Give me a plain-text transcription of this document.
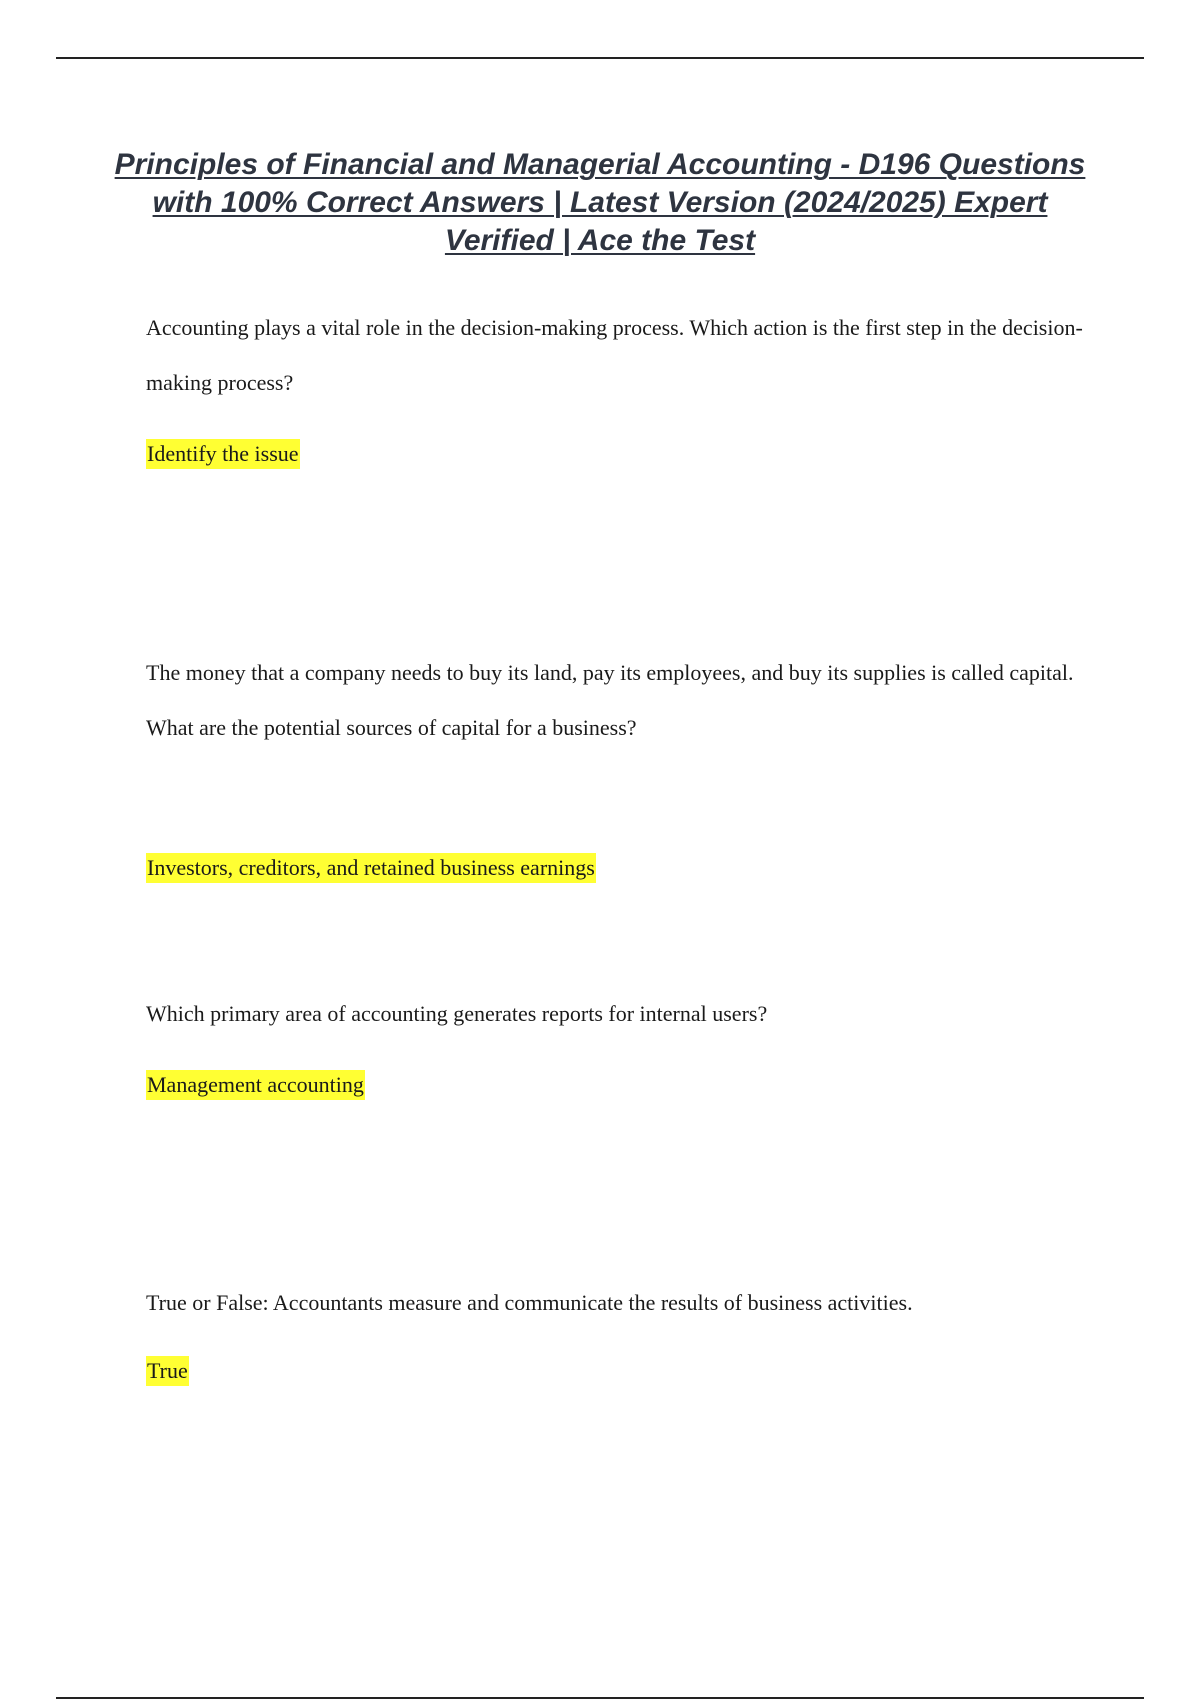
Principles of Financial and Managerial Accounting - D196 Questions with 100% Correct Answers | Latest Version (2024/2025) Expert Verified | Ace the Test

Accounting plays a vital role in the decision-making process. Which action is the first step in the decision-making process?

Identify the issue

The money that a company needs to buy its land, pay its employees, and buy its supplies is called capital. What are the potential sources of capital for a business?

Investors, creditors, and retained business earnings

Which primary area of accounting generates reports for internal users?

Management accounting

True or False: Accountants measure and communicate the results of business activities.

True
